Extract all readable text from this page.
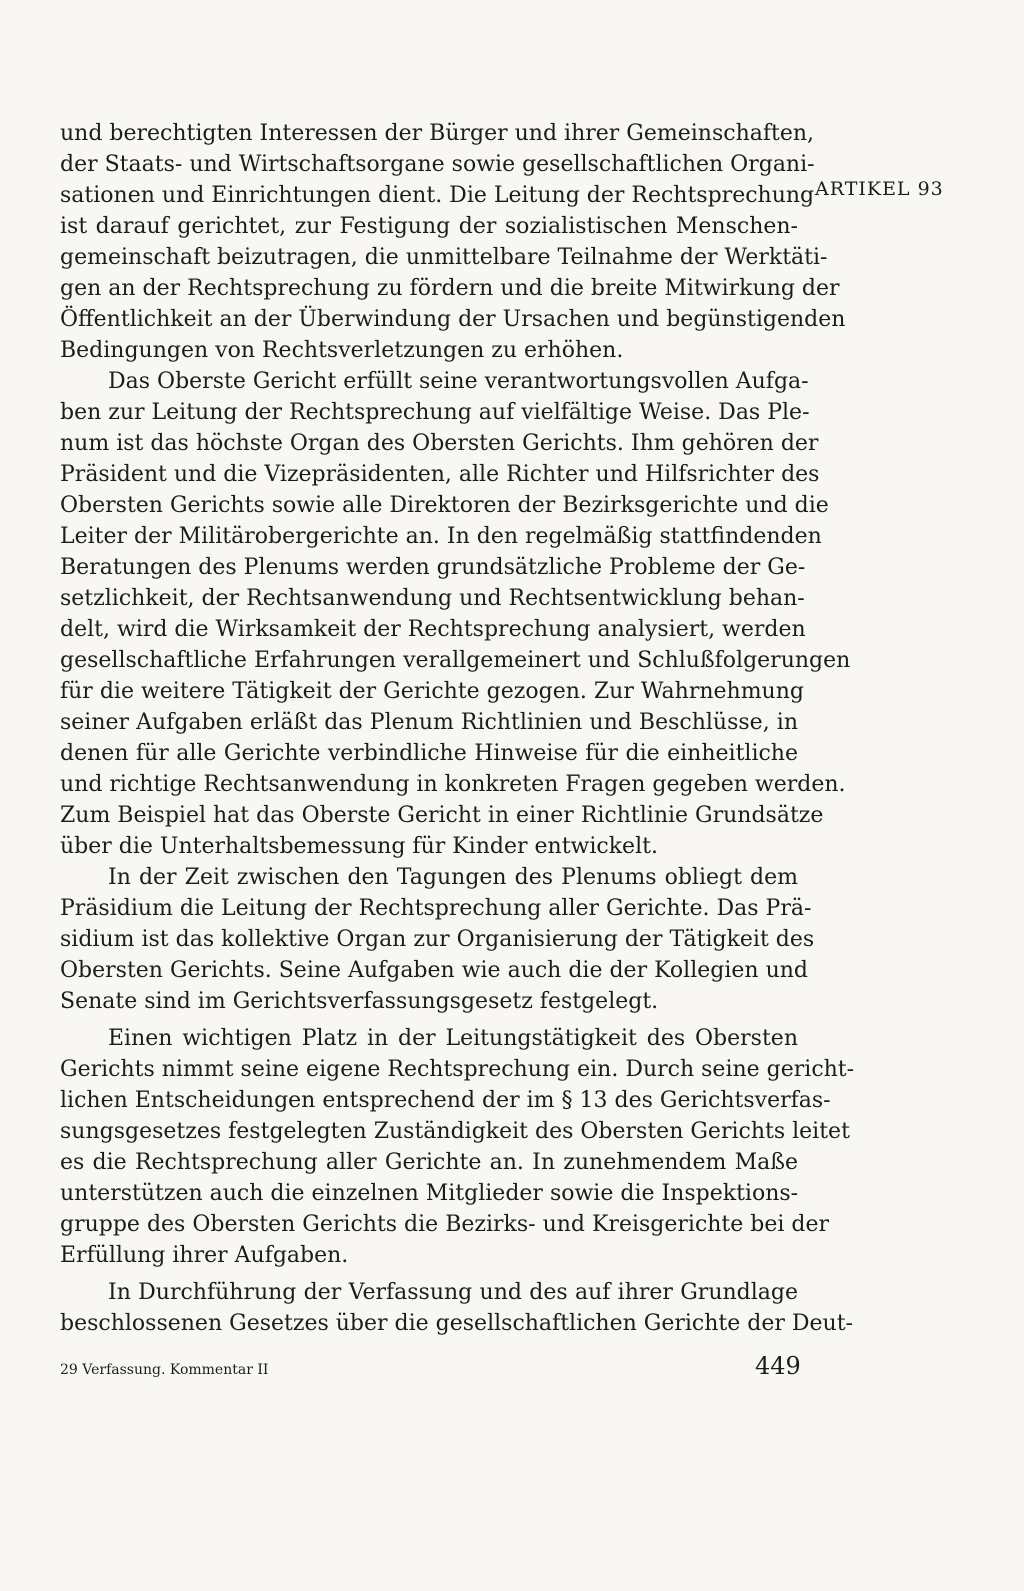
und berechtigten Interessen der Bürger und ihrer Gemeinschaften,
der Staats- und Wirtschaftsorgane sowie gesellschaftlichen Organi-
sationen und Einrichtungen dient. Die Leitung der Rechtsprechung
ist darauf gerichtet, zur Festigung der sozialistischen Menschen-
gemeinschaft beizutragen, die unmittelbare Teilnahme der Werktäti-
gen an der Rechtsprechung zu fördern und die breite Mitwirkung der
Öffentlichkeit an der Überwindung der Ursachen und begünstigenden
Bedingungen von Rechtsverletzungen zu erhöhen.
Das Oberste Gericht erfüllt seine verantwortungsvollen Aufga-
ben zur Leitung der Rechtsprechung auf vielfältige Weise. Das Ple-
num ist das höchste Organ des Obersten Gerichts. Ihm gehören der
Präsident und die Vizepräsidenten, alle Richter und Hilfsrichter des
Obersten Gerichts sowie alle Direktoren der Bezirksgerichte und die
Leiter der Militärobergerichte an. In den regelmäßig stattfindenden
Beratungen des Plenums werden grundsätzliche Probleme der Ge-
setzlichkeit, der Rechtsanwendung und Rechtsentwicklung behan-
delt, wird die Wirksamkeit der Rechtsprechung analysiert, werden
gesellschaftliche Erfahrungen verallgemeinert und Schlußfolgerungen
für die weitere Tätigkeit der Gerichte gezogen. Zur Wahrnehmung
seiner Aufgaben erläßt das Plenum Richtlinien und Beschlüsse, in
denen für alle Gerichte verbindliche Hinweise für die einheitliche
und richtige Rechtsanwendung in konkreten Fragen gegeben werden.
Zum Beispiel hat das Oberste Gericht in einer Richtlinie Grundsätze
über die Unterhaltsbemessung für Kinder entwickelt.
In der Zeit zwischen den Tagungen des Plenums obliegt dem
Präsidium die Leitung der Rechtsprechung aller Gerichte. Das Prä-
sidium ist das kollektive Organ zur Organisierung der Tätigkeit des
Obersten Gerichts. Seine Aufgaben wie auch die der Kollegien und
Senate sind im Gerichtsverfassungsgesetz festgelegt.
Einen wichtigen Platz in der Leitungstätigkeit des Obersten
Gerichts nimmt seine eigene Rechtsprechung ein. Durch seine gericht-
lichen Entscheidungen entsprechend der im § 13 des Gerichtsverfas-
sungsgesetzes festgelegten Zuständigkeit des Obersten Gerichts leitet
es die Rechtsprechung aller Gerichte an. In zunehmendem Maße
unterstützen auch die einzelnen Mitglieder sowie die Inspektions-
gruppe des Obersten Gerichts die Bezirks- und Kreisgerichte bei der
Erfüllung ihrer Aufgaben.
In Durchführung der Verfassung und des auf ihrer Grundlage
beschlossenen Gesetzes über die gesellschaftlichen Gerichte der Deut-
ARTIKEL 93
29 Verfassung. Kommentar II	449
